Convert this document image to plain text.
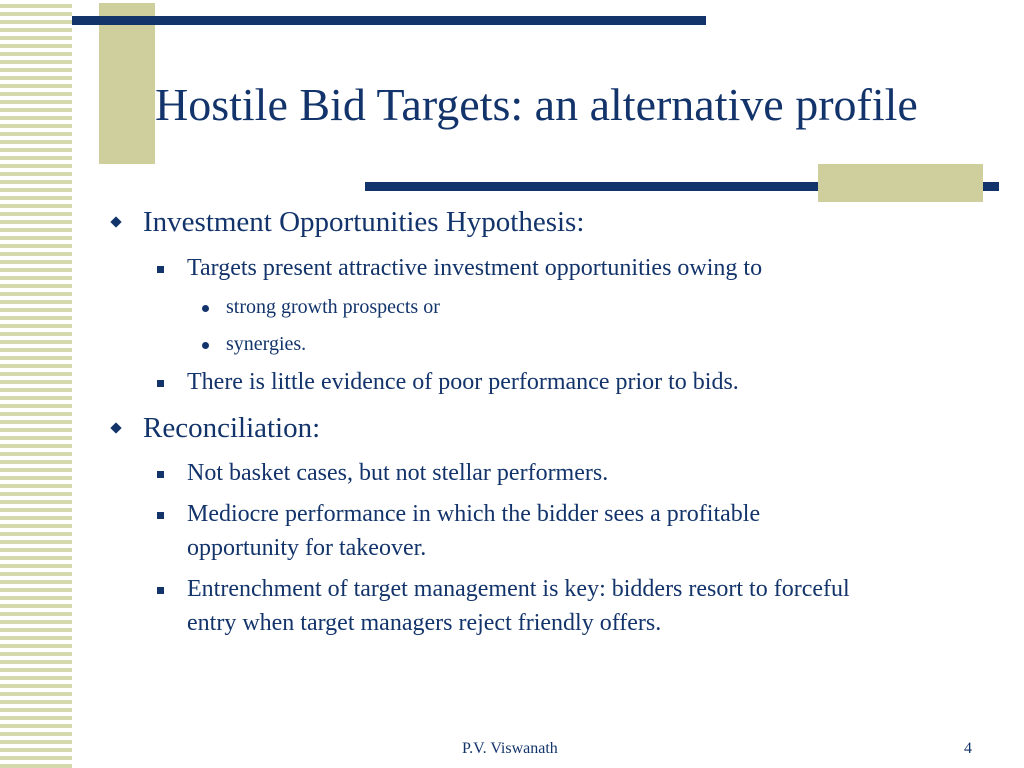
Hostile Bid Targets: an alternative profile
Investment Opportunities Hypothesis:
Targets present attractive investment opportunities owing to
strong growth prospects or
synergies.
There is little evidence of poor performance prior to bids.
Reconciliation:
Not basket cases, but not stellar performers.
Mediocre performance in which the bidder sees a profitable
opportunity for takeover.
Entrenchment of target management is key: bidders resort to forceful
entry when target managers reject friendly offers.
P.V. Viswanath	4
